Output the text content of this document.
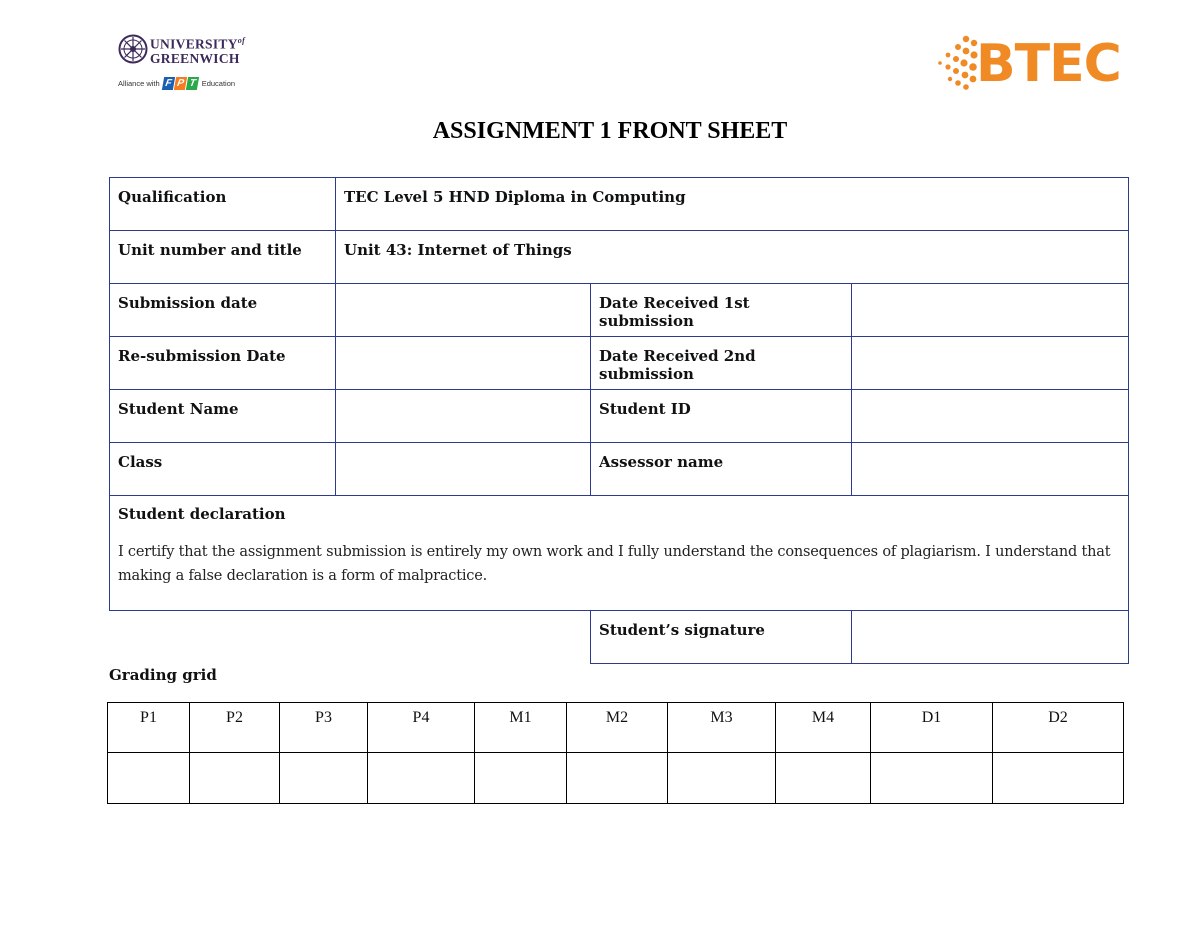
$UNIVERSITY^{of}$
GREENWICH
Alliance with F P T Education	BTEC
ASSIGNMENT 1 FRONT SHEET
Qualification	TEC Level 5 HND Diploma in Computing		
Unit number and title	Unit 43: Internet of Things		
Submission date		Date Received 1st submission	
Re-submission Date		Date Received 2nd submission	
Student Name		Student ID	
Class		Assessor name	

Student declaration
I certify that the assignment submission is entirely my own work and I fully understand the consequences of plagiarism. I understand that making a false declaration is a form of malpractice.			

		Student’s signature	
Grading grid
P1	P2	P3	P4	M1	M2	M3	M4	D1	D2
